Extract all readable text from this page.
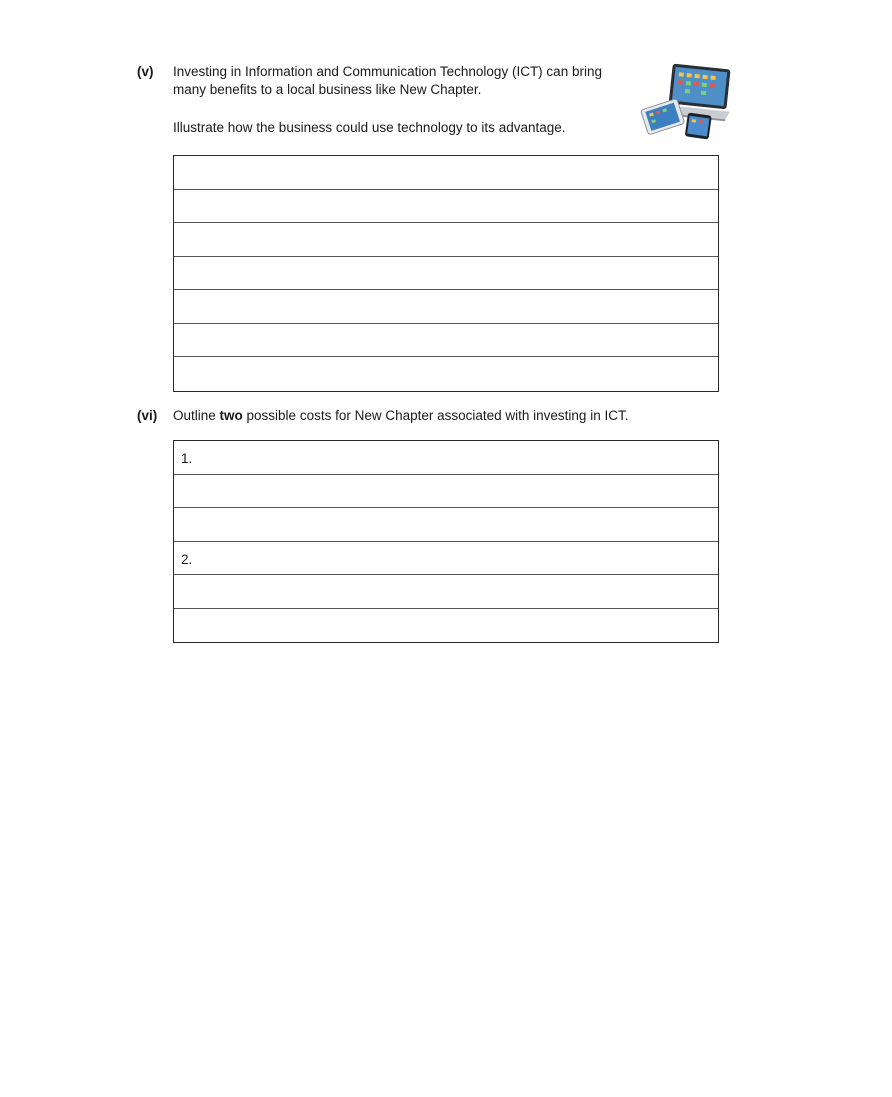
(v) Investing in Information and Communication Technology (ICT) can bring
many benefits to a local business like New Chapter.
Illustrate how the business could use technology to its advantage.
(vi) Outline two possible costs for New Chapter associated with investing in ICT.
1.
2.
